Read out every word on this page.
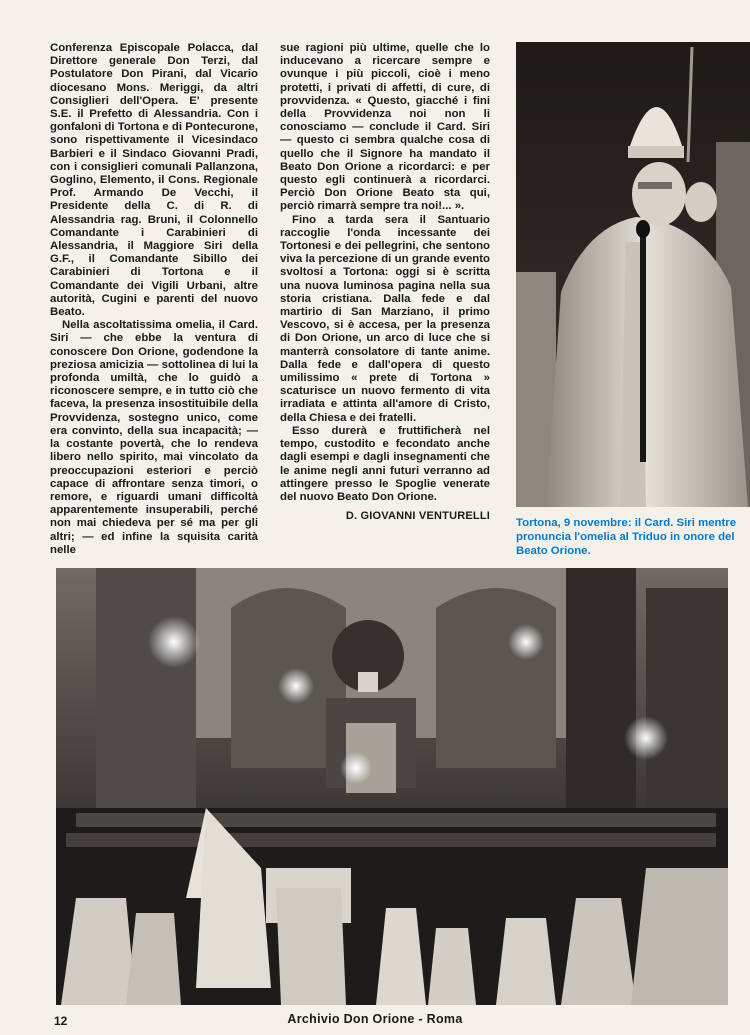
Conferenza Episcopale Polacca, dal Direttore generale Don Terzi, dal Postulatore Don Pirani, dal Vicario diocesano Mons. Meriggi, da altri Consiglieri dell'Opera. E' presente S.E. il Prefetto di Alessandria. Con i gonfaloni di Tortona e di Pontecurone, sono rispettivamente il Vicesindaco Barbieri e il Sindaco Giovanni Pradi, con i consiglieri comunali Pallanzona, Goglino, Elemento, il Cons. Regionale Prof. Armando De Vecchi, il Presidente della C. di R. di Alessandria rag. Bruni, il Colonnello Comandante i Carabinieri di Alessandria, il Maggiore Siri della G.F., il Comandante Sibillo dei Carabinieri di Tortona e il Comandante dei Vigili Urbani, altre autorità, Cugini e parenti del nuovo Beato.

Nella ascoltatissima omelia, il Card. Siri — che ebbe la ventura di conoscere Don Orione, godendone la preziosa amicizia — sottolinea di lui la profonda umiltà, che lo guidò a riconoscere sempre, e in tutto ciò che faceva, la presenza insostituibile della Provvidenza, sostegno unico, come era convinto, della sua incapacità; — la costante povertà, che lo rendeva libero nello spirito, mai vincolato da preoccupazioni esteriori e perciò capace di affrontare senza timori, o remore, e riguardi umani difficoltà apparentemente insuperabili, perché non mai chiedeva per sé ma per gli altri; — ed infine la squisita carità nelle

sue ragioni più ultime, quelle che lo inducevano a ricercare sempre e ovunque i più piccoli, cioè i meno protetti, i privati di affetti, di cure, di provvidenza. « Questo, giacché i fini della Provvidenza noi non li conosciamo — conclude il Card. Siri — questo ci sembra qualche cosa di quello che il Signore ha mandato il Beato Don Orione a ricordarci: e per questo egli continuerà a ricordarci. Perciò Don Orione Beato sta qui, perciò rimarrà sempre tra noi!... ».

Fino a tarda sera il Santuario raccoglie l'onda incessante dei Tortonesi e dei pellegrini, che sentono viva la percezione di un grande evento svoltosi a Tortona: oggi si è scritta una nuova luminosa pagina nella sua storia cristiana. Dalla fede e dal martirio di San Marziano, il primo Vescovo, si è accesa, per la presenza di Don Orione, un arco di luce che si manterrà consolatore di tante anime. Dalla fede e dall'opera di questo umilissimo « prete di Tortona » scaturisce un nuovo fermento di vita irradiata e attinta all'amore di Cristo, della Chiesa e dei fratelli.

Esso durerà e fruttificherà nel tempo, custodito e fecondato anche dagli esempi e dagli insegnamenti che le anime negli anni futuri verranno ad attingere presso le Spoglie venerate del nuovo Beato Don Orione.

D. GIOVANNI VENTURELLI
Tortona, 9 novembre: il Card. Siri mentre pronuncia l'omelia al Triduo in onore del Beato Orione.
12	Archivio Don Orione - Roma
